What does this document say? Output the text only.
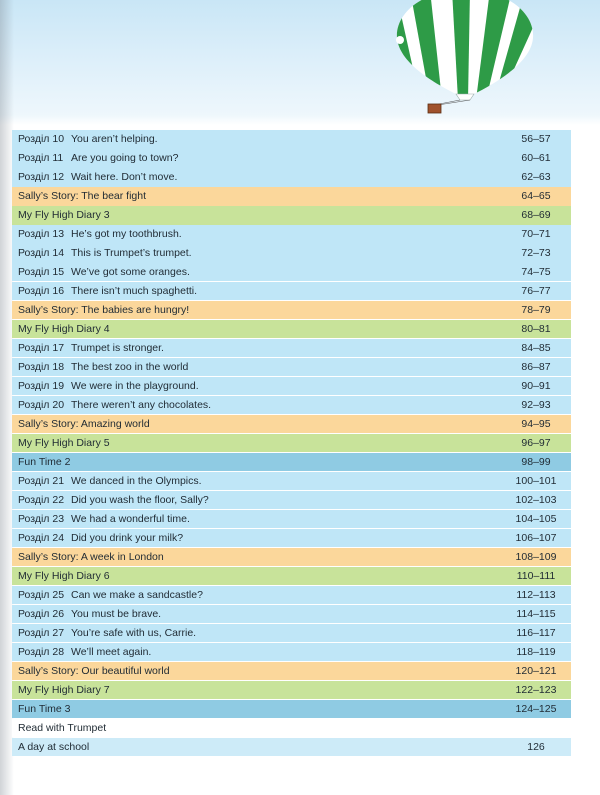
Розділ 10 You aren’t helping.	56–57
Розділ 11 Are you going to town?	60–61
Розділ 12 Wait here. Don’t move.	62–63
Sally’s Story: The bear fight	64–65
My Fly High Diary 3	68–69
Розділ 13 He’s got my toothbrush.	70–71
Розділ 14 This is Trumpet’s trumpet.	72–73
Розділ 15 We’ve got some oranges.	74–75
Розділ 16 There isn’t much spaghetti.	76–77
Sally’s Story: The babies are hungry!	78–79
My Fly High Diary 4	80–81
Розділ 17 Trumpet is stronger.	84–85
Розділ 18 The best zoo in the world	86–87
Розділ 19 We were in the playground.	90–91
Розділ 20 There weren’t any chocolates.	92–93
Sally’s Story: Amazing world	94–95
My Fly High Diary 5	96–97
Fun Time 2	98–99
Розділ 21 We danced in the Olympics.	100–101
Розділ 22 Did you wash the floor, Sally?	102–103
Розділ 23 We had a wonderful time.	104–105
Розділ 24 Did you drink your milk?	106–107
Sally’s Story: A week in London	108–109
My Fly High Diary 6	110–111
Розділ 25 Can we make a sandcastle?	112–113
Розділ 26 You must be brave.	114–115
Розділ 27 You’re safe with us, Carrie.	116–117
Розділ 28 We’ll meet again.	118–119
Sally’s Story: Our beautiful world	120–121
My Fly High Diary 7	122–123
Fun Time 3	124–125
Read with Trumpet
A day at school	126
